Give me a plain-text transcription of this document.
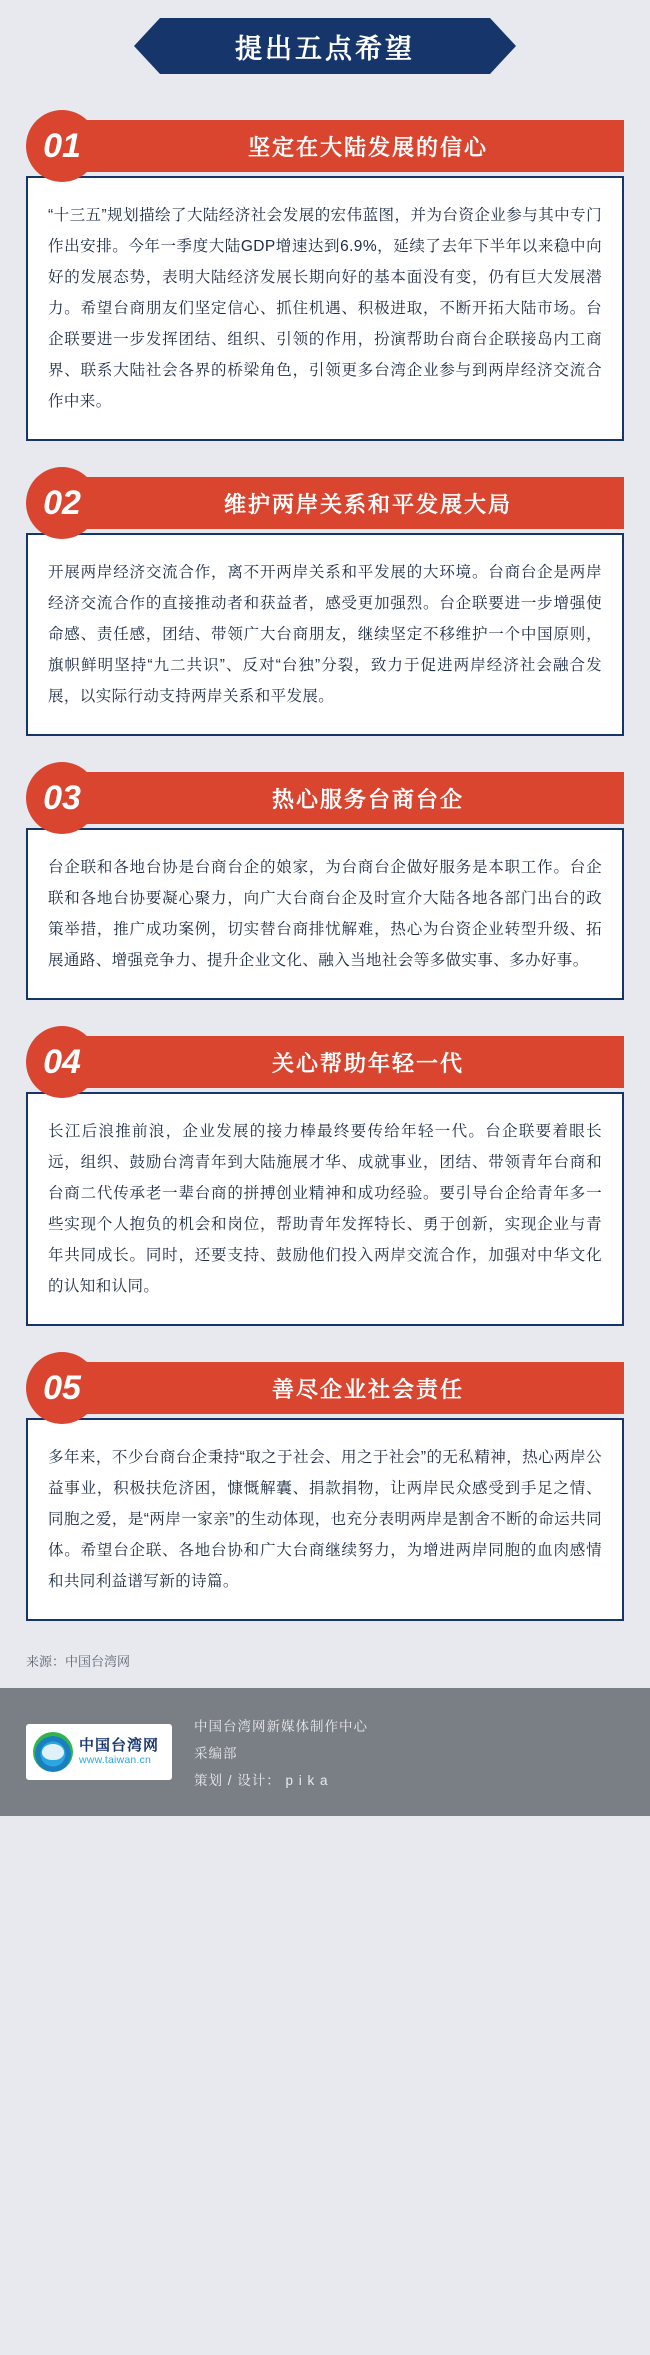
提出五点希望
坚定在大陆发展的信心
01

“十三五”规划描绘了大陆经济社会发展的宏伟蓝图，并为台资企业参与其中专门作出安排。今年一季度大陆GDP增速达到6.9%，延续了去年下半年以来稳中向好的发展态势，表明大陆经济发展长期向好的基本面没有变，仍有巨大发展潜力。希望台商朋友们坚定信心、抓住机遇、积极进取，不断开拓大陆市场。台企联要进一步发挥团结、组织、引领的作用，扮演帮助台商台企联接岛内工商界、联系大陆社会各界的桥梁角色，引领更多台湾企业参与到两岸经济交流合作中来。

维护两岸关系和平发展大局
02

开展两岸经济交流合作，离不开两岸关系和平发展的大环境。台商台企是两岸经济交流合作的直接推动者和获益者，感受更加强烈。台企联要进一步增强使命感、责任感，团结、带领广大台商朋友，继续坚定不移维护一个中国原则，旗帜鲜明坚持“九二共识”、反对“台独”分裂，致力于促进两岸经济社会融合发展，以实际行动支持两岸关系和平发展。

热心服务台商台企
03

台企联和各地台协是台商台企的娘家，为台商台企做好服务是本职工作。台企联和各地台协要凝心聚力，向广大台商台企及时宣介大陆各地各部门出台的政策举措，推广成功案例，切实替台商排忧解难，热心为台资企业转型升级、拓展通路、增强竞争力、提升企业文化、融入当地社会等多做实事、多办好事。

关心帮助年轻一代
04

长江后浪推前浪，企业发展的接力棒最终要传给年轻一代。台企联要着眼长远，组织、鼓励台湾青年到大陆施展才华、成就事业，团结、带领青年台商和台商二代传承老一辈台商的拼搏创业精神和成功经验。要引导台企给青年多一些实现个人抱负的机会和岗位，帮助青年发挥特长、勇于创新，实现企业与青年共同成长。同时，还要支持、鼓励他们投入两岸交流合作，加强对中华文化的认知和认同。

善尽企业社会责任
05

多年来，不少台商台企秉持“取之于社会、用之于社会”的无私精神，热心两岸公益事业，积极扶危济困，慷慨解囊、捐款捐物，让两岸民众感受到手足之情、同胞之爱，是“两岸一家亲”的生动体现，也充分表明两岸是割舍不断的命运共同体。希望台企联、各地台协和广大台商继续努力，为增进两岸同胞的血肉感情和共同利益谱写新的诗篇。

来源：中国台湾网
中国台湾网
www.taiwan.cn
中国台湾网新媒体制作中心
采编部
策划 / 设计： p i k a
